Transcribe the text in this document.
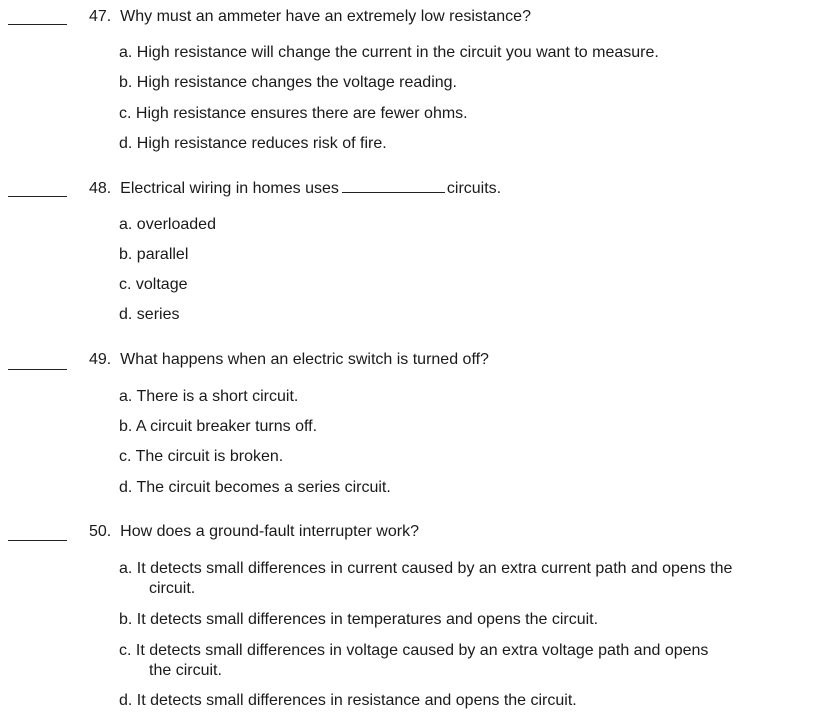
47. Why must an ammeter have an extremely low resistance?
a. High resistance will change the current in the circuit you want to measure.
b. High resistance changes the voltage reading.
c. High resistance ensures there are fewer ohms.
d. High resistance reduces risk of fire.
48. Electrical wiring in homes uses	circuits.
a. overloaded
b. parallel
c. voltage
d. series
49. What happens when an electric switch is turned off?
a. There is a short circuit.
b. A circuit breaker turns off.
c. The circuit is broken.
d. The circuit becomes a series circuit.
50. How does a ground-fault interrupter work?
a. It detects small differences in current caused by an extra current path and opens the
circuit.
b. It detects small differences in temperatures and opens the circuit.
c. It detects small differences in voltage caused by an extra voltage path and opens
the circuit.
d. It detects small differences in resistance and opens the circuit.
